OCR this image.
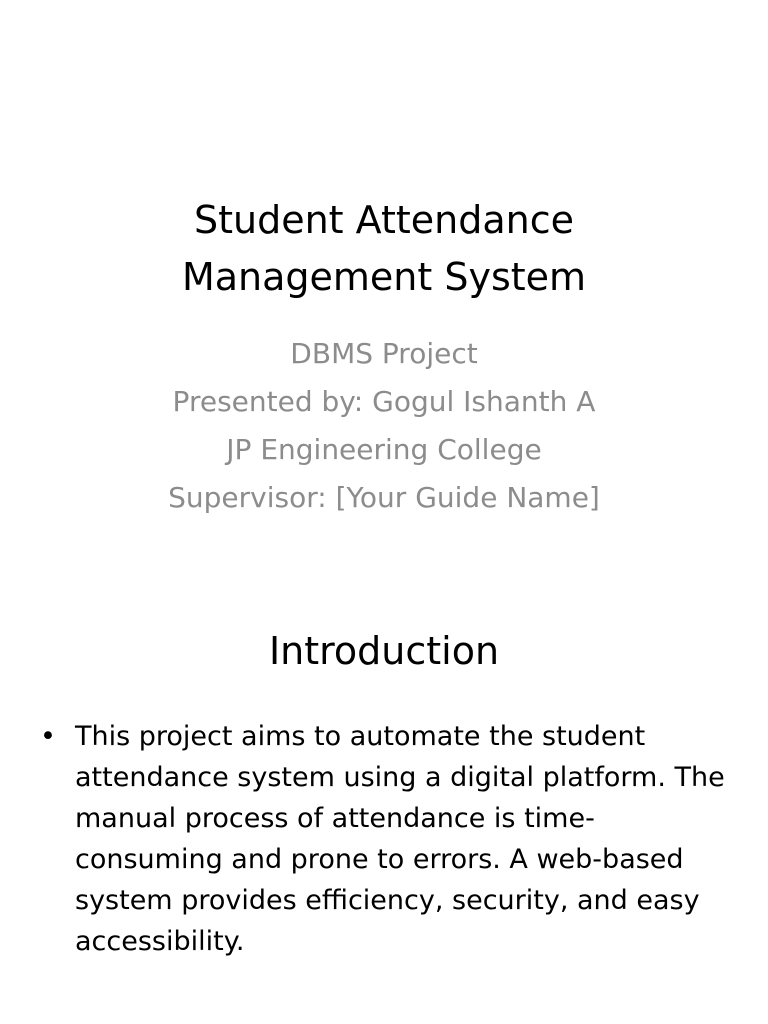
Student Attendance
Management System
DBMS Project
Presented by: Gogul Ishanth A
JP Engineering College
Supervisor: [Your Guide Name]
Introduction
• This project aims to automate the student attendance system using a digital platform. The manual process of attendance is time-consuming and prone to errors. A web-based system provides efficiency, security, and easy accessibility.
